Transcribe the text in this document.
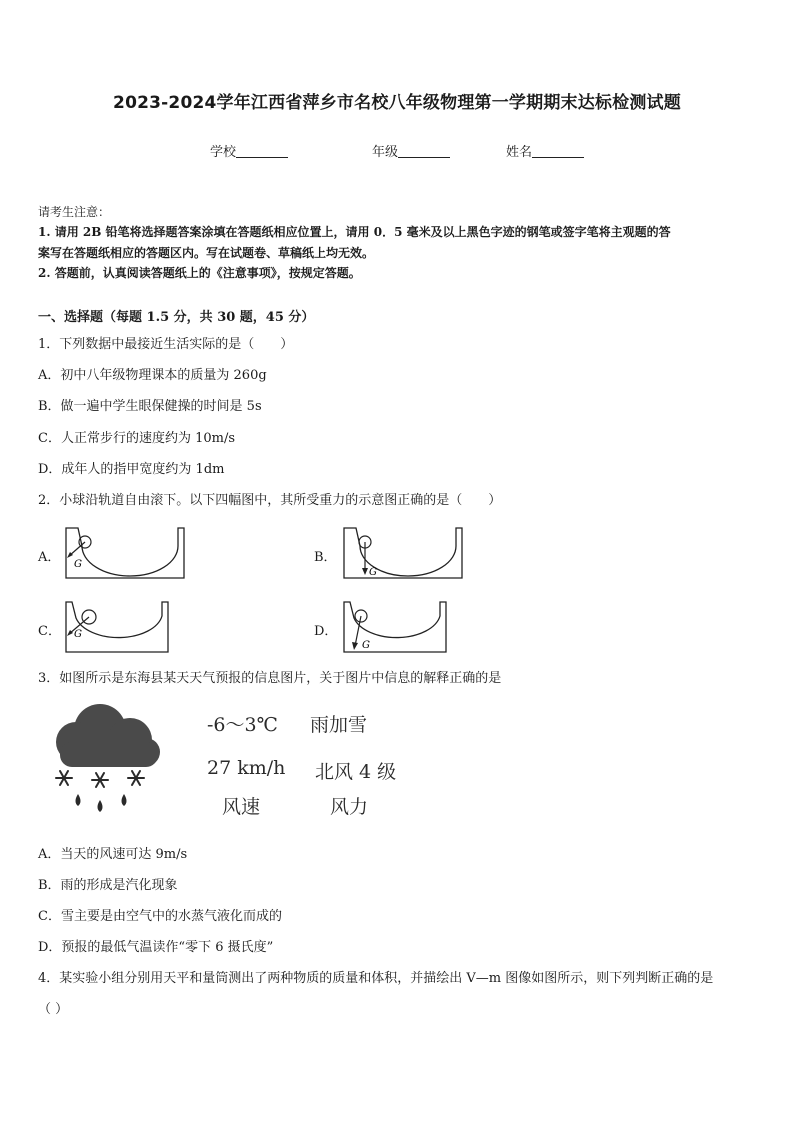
2023-2024学年江西省萍乡市名校八年级物理第一学期期末达标检测试题
学校	年级	姓名
请考生注意：
1. 请用 2B 铅笔将选择题答案涂填在答题纸相应位置上，请用 0．5 毫米及以上黑色字迹的钢笔或签字笔将主观题的答
案写在答题纸相应的答题区内。写在试题卷、草稿纸上均无效。
2. 答题前，认真阅读答题纸上的《注意事项》，按规定答题。
一、选择题（每题 1.5 分，共 30 题，45 分）
1．下列数据中最接近生活实际的是（　　）
A．初中八年级物理课本的质量为 260g
B．做一遍中学生眼保健操的时间是 5s
C．人正常步行的速度约为 10m/s
D．成年人的指甲宽度约为 1dm
2．小球沿轨道自由滚下。以下四幅图中，其所受重力的示意图正确的是（　　）
A．	B．
C．	D．
G
G
G
G
3．如图所示是东海县某天天气预报的信息图片，关于图片中信息的解释正确的是
-6～3℃ 雨加雪
27 km/h 北风 4 级
风速	风力
A．当天的风速可达 9m/s
B．雨的形成是汽化现象
C．雪主要是由空气中的水蒸气液化而成的
D．预报的最低气温读作“零下 6 摄氏度”
4．某实验小组分别用天平和量筒测出了两种物质的质量和体积，并描绘出 V—m 图像如图所示，则下列判断正确的是
（ ）
